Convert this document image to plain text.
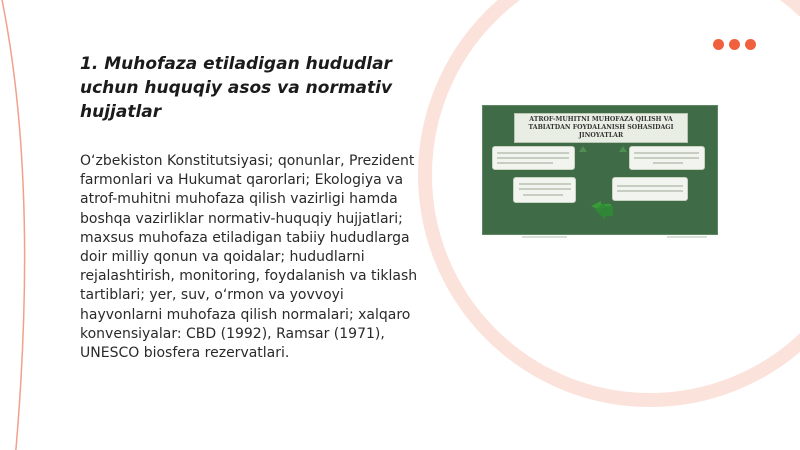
1. Muhofaza etiladigan hududlar uchun huquqiy asos va normativ hujjatlar

O‘zbekiston Konstitutsiyasi; qonunlar, Prezident farmonlari va Hukumat qarorlari; Ekologiya va atrof-muhitni muhofaza qilish vazirligi hamda boshqa vazirliklar normativ-huquqiy hujjatlari; maxsus muhofaza etiladigan tabiiy hududlarga doir milliy qonun va qoidalar; hududlarni rejalashtirish, monitoring, foydalanish va tiklash tartiblari; yer, suv, o‘rmon va yovvoyi hayvonlarni muhofaza qilish normalari; xalqaro konvensiyalar: CBD (1992), Ramsar (1971), UNESCO biosfera rezervatlari.

ATROF-MUHITNI MUHOFAZA QILISH VA TABIATDAN FOYDALANISH SOHASIDAGI JINOYATLAR
